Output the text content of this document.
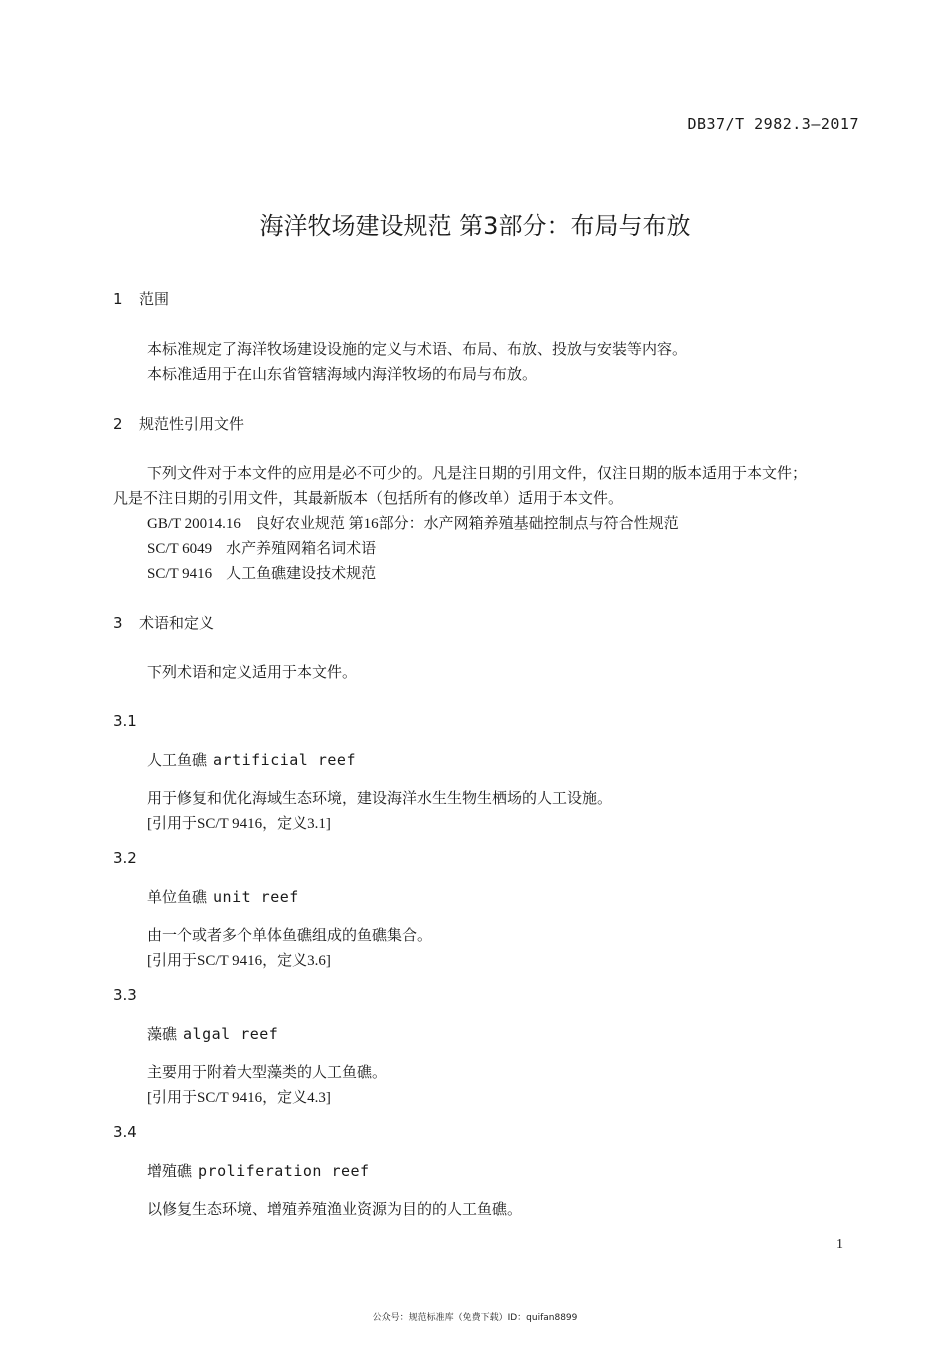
DB37/T 2982.3—2017
海洋牧场建设规范 第3部分：布局与布放
1 范围
本标准规定了海洋牧场建设设施的定义与术语、布局、布放、投放与安装等内容。
本标准适用于在山东省管辖海域内海洋牧场的布局与布放。
2 规范性引用文件
下列文件对于本文件的应用是必不可少的。凡是注日期的引用文件，仅注日期的版本适用于本文件；
凡是不注日期的引用文件，其最新版本（包括所有的修改单）适用于本文件。
GB/T 20014.16 良好农业规范 第16部分：水产网箱养殖基础控制点与符合性规范
SC/T 6049 水产养殖网箱名词术语
SC/T 9416 人工鱼礁建设技术规范
3 术语和定义
下列术语和定义适用于本文件。
3.1
人工鱼礁 artificial reef
用于修复和优化海域生态环境，建设海洋水生生物生栖场的人工设施。
[引用于SC/T 9416，定义3.1]
3.2
单位鱼礁 unit reef
由一个或者多个单体鱼礁组成的鱼礁集合。
[引用于SC/T 9416，定义3.6]
3.3
藻礁 algal reef
主要用于附着大型藻类的人工鱼礁。
[引用于SC/T 9416，定义4.3]
3.4
增殖礁 proliferation reef
以修复生态环境、增殖养殖渔业资源为目的的人工鱼礁。
1
公众号：规范标准库（免费下载）ID：quifan8899
